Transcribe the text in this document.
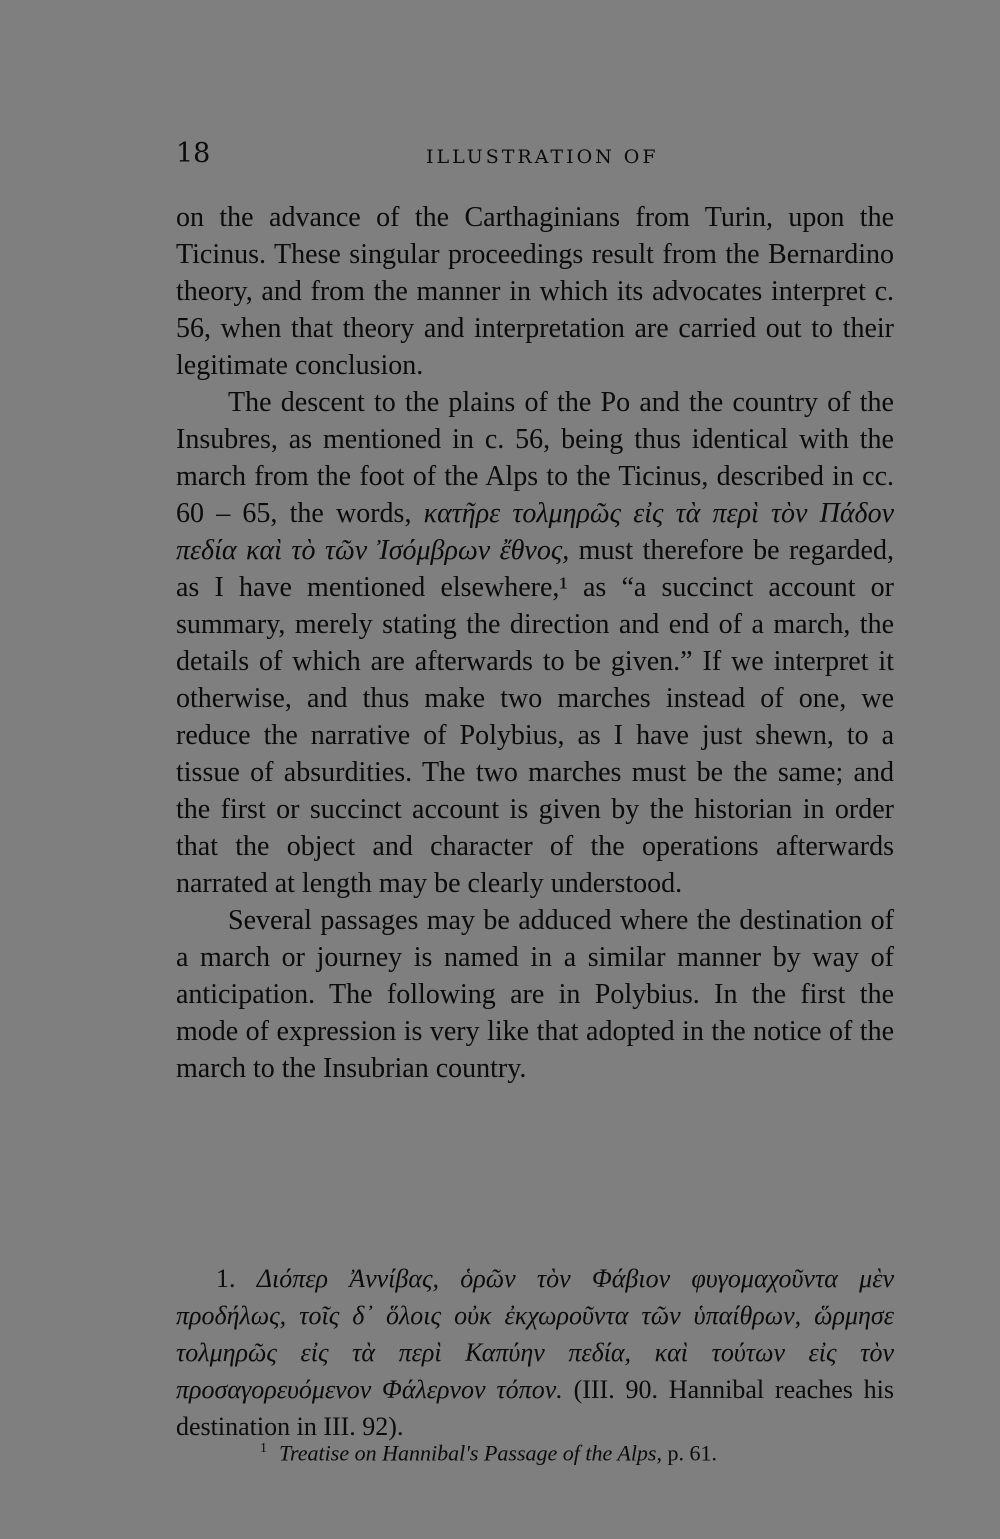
18	ILLUSTRATION OF

on the advance of the Carthaginians from Turin, upon the Ticinus. These singular proceedings result from the Bernardino theory, and from the manner in which its advocates interpret c. 56, when that theory and interpretation are carried out to their legitimate conclusion.

The descent to the plains of the Po and the country of the Insubres, as mentioned in c. 56, being thus identical with the march from the foot of the Alps to the Ticinus, described in cc. 60 – 65, the words, κατῆρε τολμηρῶς εἰς τὰ περὶ τὸν Πάδον πεδία καὶ τὸ τῶν Ἰσόμβρων ἔθνος, must therefore be regarded, as I have mentioned elsewhere,¹ as “a succinct account or summary, merely stating the direction and end of a march, the details of which are afterwards to be given.” If we interpret it otherwise, and thus make two marches instead of one, we reduce the narrative of Polybius, as I have just shewn, to a tissue of absurdities. The two marches must be the same; and the first or succinct account is given by the historian in order that the object and character of the operations afterwards narrated at length may be clearly understood.

Several passages may be adduced where the destination of a march or journey is named in a similar manner by way of anticipation. The following are in Polybius. In the first the mode of expression is very like that adopted in the notice of the march to the Insubrian country.

1. Διόπερ Ἀννίβας, ὁρῶν τὸν Φάβιον φυγομαχοῦντα μὲν προδήλως, τοῖς δ᾽ ὅλοις οὐκ ἐκχωροῦντα τῶν ὑπαίθρων, ὥρμησε τολμηρῶς εἰς τὰ περὶ Καπύην πεδία, καὶ τούτων εἰς τὸν προσαγορευόμενον Φάλερνον τόπον. (III. 90. Hannibal reaches his destination in III. 92).

$^1$ Treatise on Hannibal's Passage of the Alps, p. 61.
